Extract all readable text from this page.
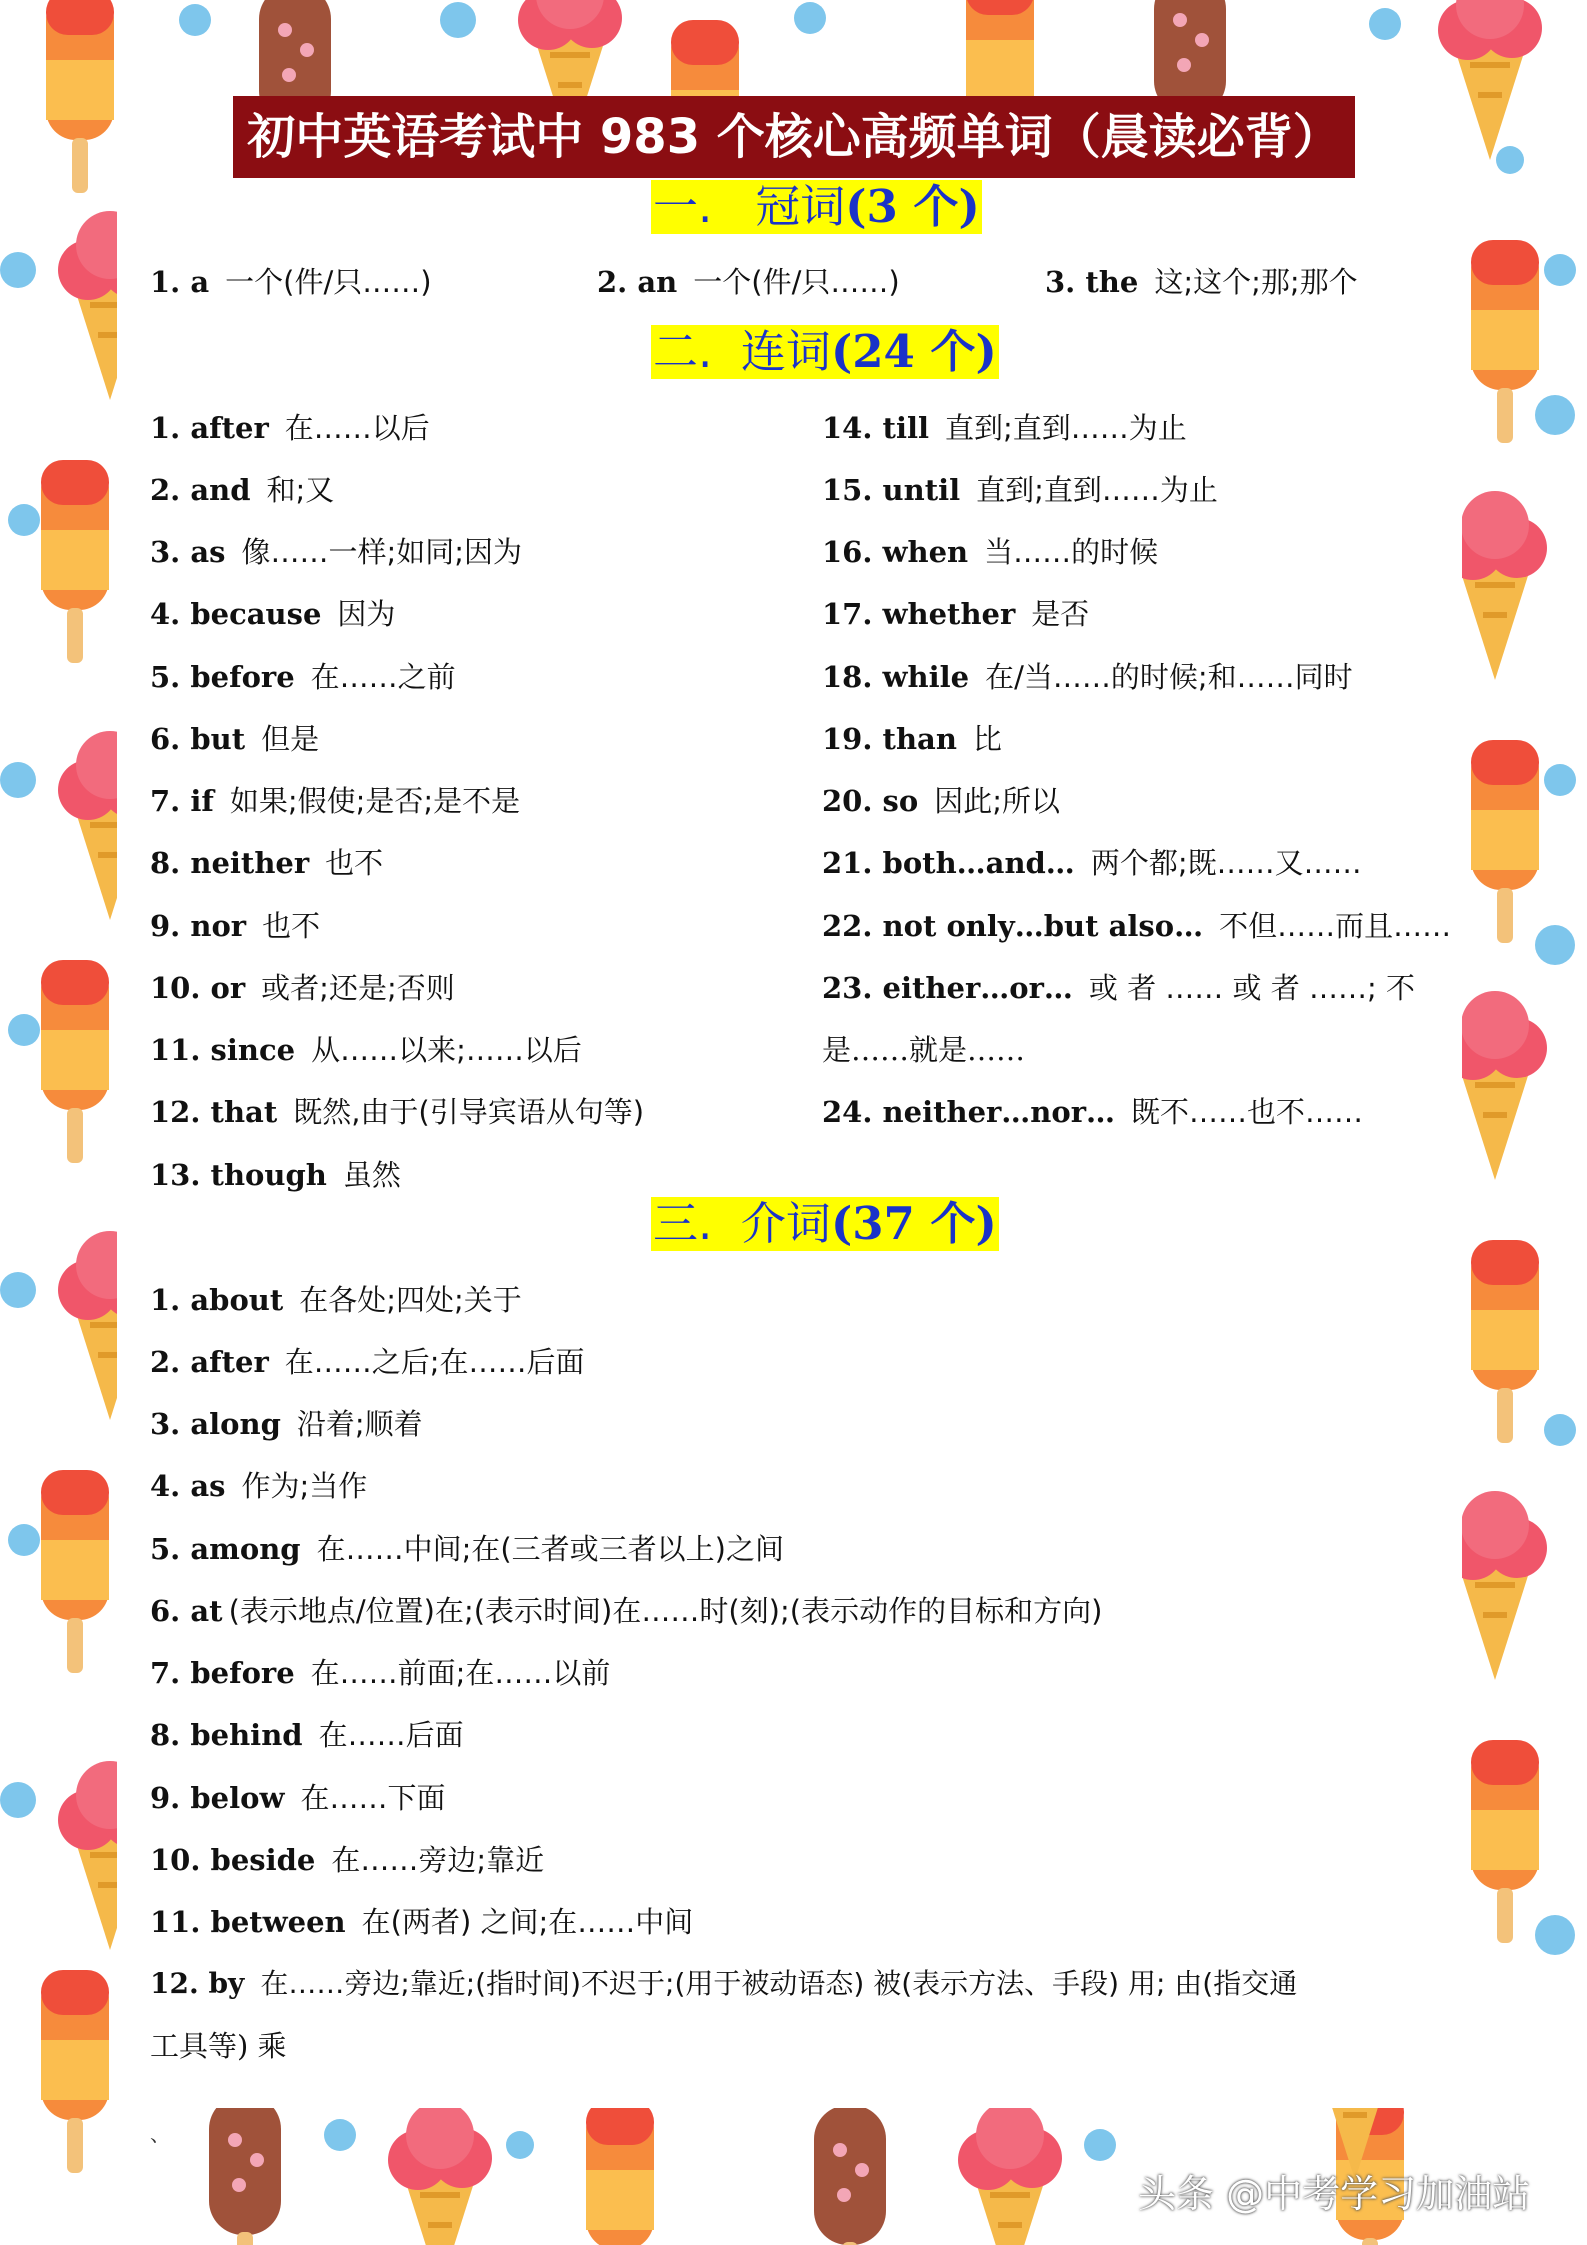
初中英语考试中 983 个核心高频单词（晨读必背）
一. 冠词(3 个)
1. a 一个(件/只……)	2. an 一个(件/只……)	3. the 这;这个;那;那个
二. 连词(24 个)
1. after 在……以后
2. and 和;又
3. as 像……一样;如同;因为
4. because 因为
5. before 在……之前
6. but 但是
7. if 如果;假使;是否;是不是
8. neither 也不
9. nor 也不
10. or 或者;还是;否则
11. since 从……以来;……以后
12. that 既然,由于(引导宾语从句等)
13. though 虽然
14. till 直到;直到……为止
15. until 直到;直到……为止
16. when 当……的时候
17. whether 是否
18. while 在/当……的时候;和……同时
19. than 比
20. so 因此;所以
21. both…and… 两个都;既……又……
22. not only…but also… 不但……而且……
23. either…or… 或 者 …… 或 者 ……; 不
是……就是……
24. neither…nor… 既不……也不……
三. 介词(37 个)
1. about 在各处;四处;关于
2. after 在……之后;在……后面
3. along 沿着;顺着
4. as 作为;当作
5. among 在……中间;在(三者或三者以上)之间
6. at (表示地点/位置)在;(表示时间)在……时(刻);(表示动作的目标和方向)
7. before 在……前面;在……以前
8. behind 在……后面
9. below 在……下面
10. beside 在……旁边;靠近
11. between 在(两者) 之间;在……中间
12. by 在……旁边;靠近;(指时间)不迟于;(用于被动语态) 被(表示方法、手段) 用; 由(指交通
工具等) 乘
、
头条 @中考学习加油站
